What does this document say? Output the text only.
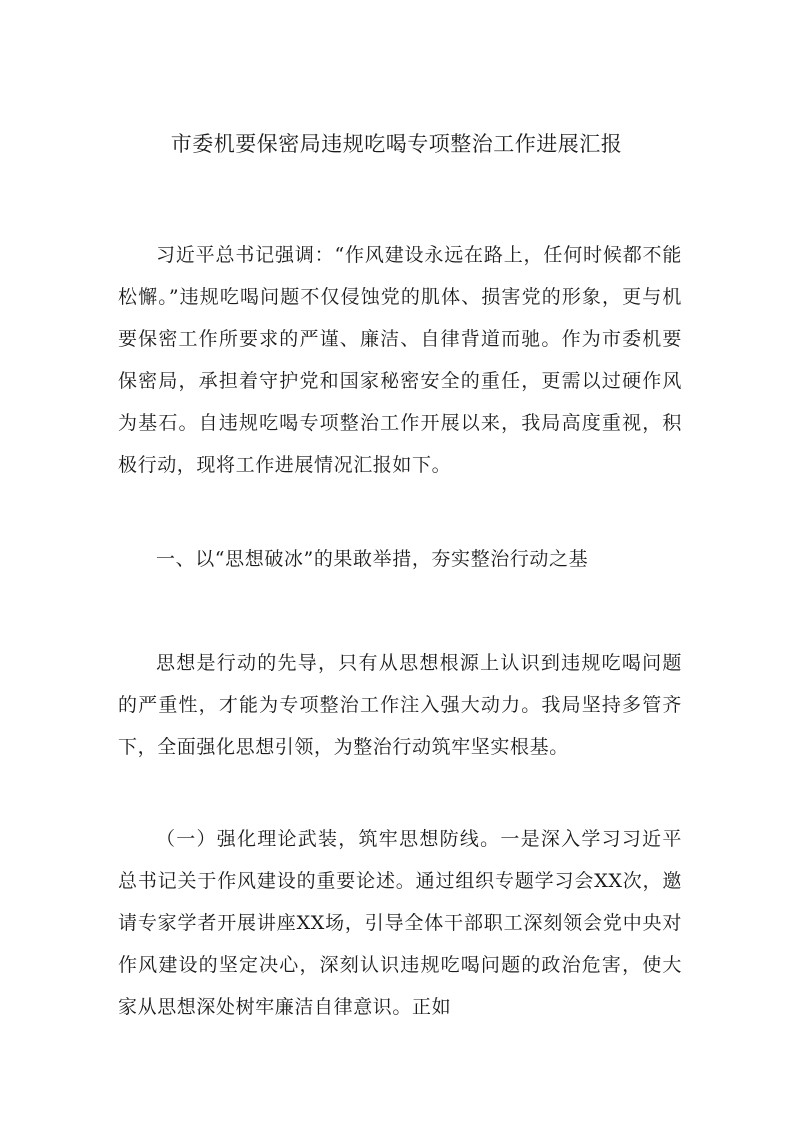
市委机要保密局违规吃喝专项整治工作进展汇报
习近平总书记强调：“作风建设永远在路上，任何时候都不能松懈。”违规吃喝问题不仅侵蚀党的肌体、损害党的形象，更与机要保密工作所要求的严谨、廉洁、自律背道而驰。作为市委机要保密局，承担着守护党和国家秘密安全的重任，更需以过硬作风为基石。自违规吃喝专项整治工作开展以来，我局高度重视，积极行动，现将工作进展情况汇报如下。
一、以“思想破冰”的果敢举措，夯实整治行动之基
思想是行动的先导，只有从思想根源上认识到违规吃喝问题的严重性，才能为专项整治工作注入强大动力。我局坚持多管齐下，全面强化思想引领，为整治行动筑牢坚实根基。
（一）强化理论武装，筑牢思想防线。一是深入学习习近平总书记关于作风建设的重要论述。通过组织专题学习会XX次，邀请专家学者开展讲座XX场，引导全体干部职工深刻领会党中央对作风建设的坚定决心，深刻认识违规吃喝问题的政治危害，使大家从思想深处树牢廉洁自律意识。正如
